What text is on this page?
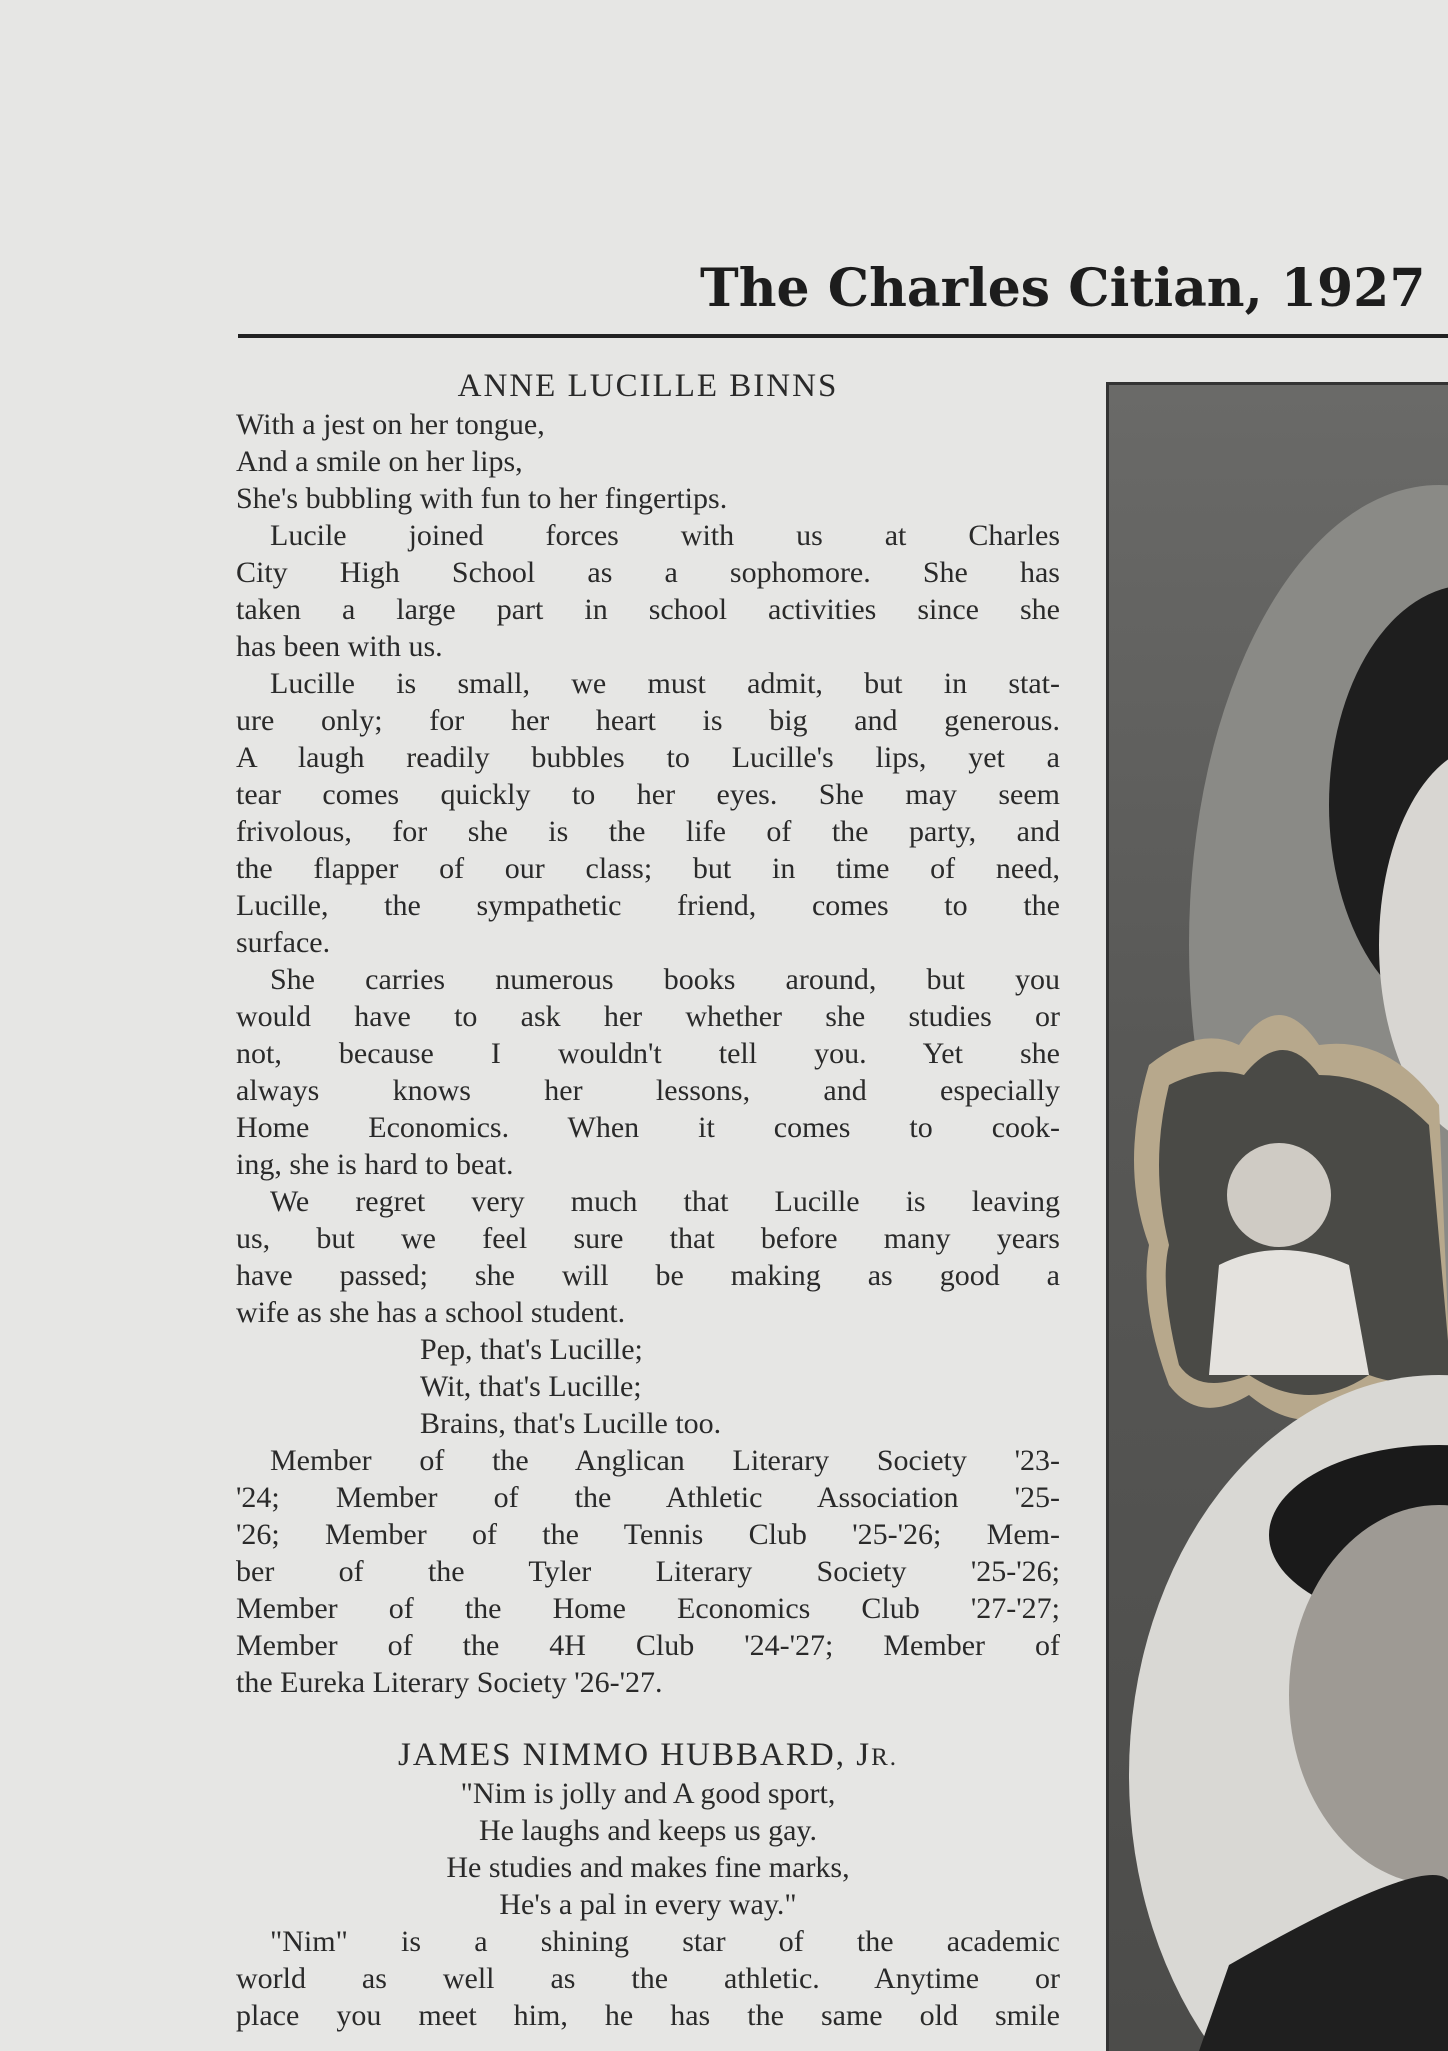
The Charles Citian, 1927
ANNE LUCILLE BINNS
With a jest on her tongue,
And a smile on her lips,
She's bubbling with fun to her fingertips.
Lucile joined forces with us at Charles
City High School as a sophomore. She has
taken a large part in school activities since she
has been with us.
Lucille is small, we must admit, but in stat-
ure only; for her heart is big and generous.
A laugh readily bubbles to Lucille's lips, yet a
tear comes quickly to her eyes. She may seem
frivolous, for she is the life of the party, and
the flapper of our class; but in time of need,
Lucille, the sympathetic friend, comes to the
surface.
She carries numerous books around, but you
would have to ask her whether she studies or
not, because I wouldn't tell you. Yet she
always knows her lessons, and especially
Home Economics. When it comes to cook-
ing, she is hard to beat.
We regret very much that Lucille is leaving
us, but we feel sure that before many years
have passed; she will be making as good a
wife as she has a school student.
Pep, that's Lucille;
Wit, that's Lucille;
Brains, that's Lucille too.
Member of the Anglican Literary Society '23-
'24; Member of the Athletic Association '25-
'26; Member of the Tennis Club '25-'26; Mem-
ber of the Tyler Literary Society '25-'26;
Member of the Home Economics Club '27-'27;
Member of the 4H Club '24-'27; Member of
the Eureka Literary Society '26-'27.
JAMES NIMMO HUBBARD, JR.
"Nim is jolly and A good sport,
He laughs and keeps us gay.
He studies and makes fine marks,
He's a pal in every way."
"Nim" is a shining star of the academic
world as well as the athletic. Anytime or
place you meet him, he has the same old smile
